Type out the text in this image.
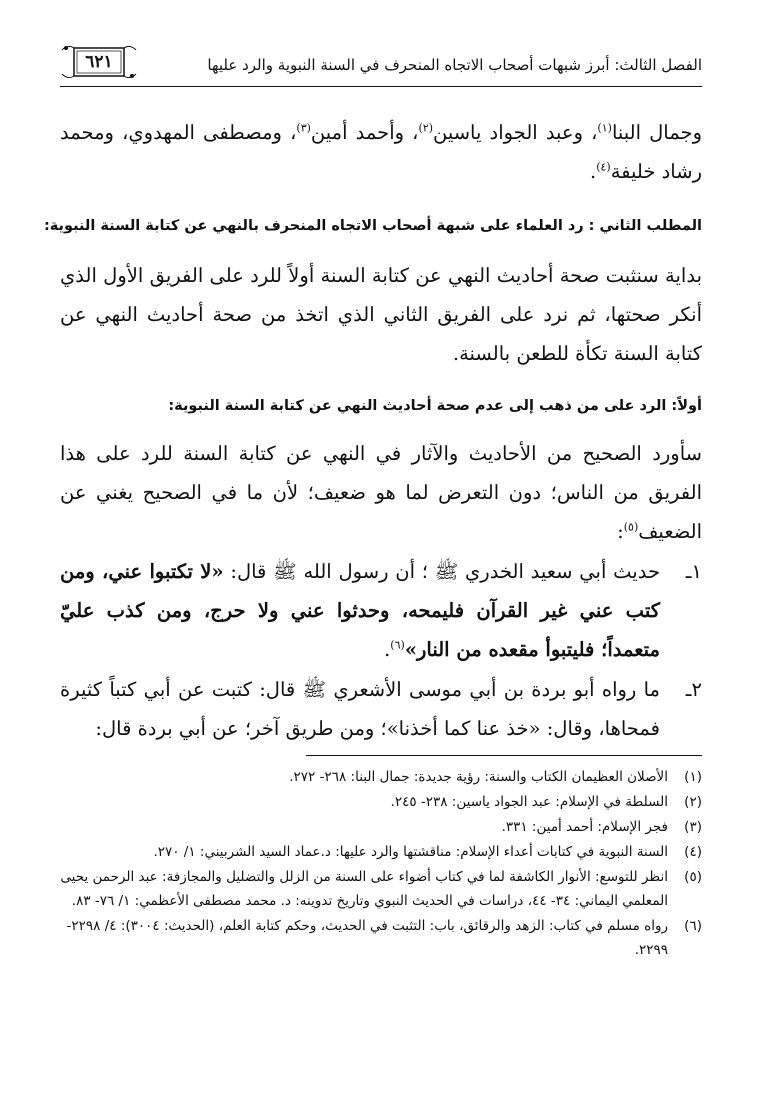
٦٢١	الفصل الثالث: أبرز شبهات أصحاب الاتجاه المنحرف في السنة النبوية والرد عليها
وجمال البنا$^{(١)}$، وعبد الجواد ياسين$^{(٢)}$، وأحمد أمين$^{(٣)}$، ومصطفى المهدوي، ومحمد رشاد خليفة$^{(٤)}$.
المطلب الثاني : رد العلماء على شبهة أصحاب الاتجاه المنحرف بالنهي عن كتابة السنة النبوية:
بداية سنثبت صحة أحاديث النهي عن كتابة السنة أولاً للرد على الفريق الأول الذي أنكر صحتها، ثم نرد على الفريق الثاني الذي اتخذ من صحة أحاديث النهي عن كتابة السنة تكأة للطعن بالسنة.
أولاً: الرد على من ذهب إلى عدم صحة أحاديث النهي عن كتابة السنة النبوية:
سأورد الصحيح من الأحاديث والآثار في النهي عن كتابة السنة للرد على هذا الفريق من الناس؛ دون التعرض لما هو ضعيف؛ لأن ما في الصحيح يغني عن الضعيف$^{(٥)}$:
١ـ
حديث أبي سعيد الخدري ﷺ ؛ أن رسول الله ﷺ قال: «لا تكتبوا عني، ومن كتب عني غير القرآن فليمحه، وحدثوا عني ولا حرج، ومن كذب عليّ متعمداً؛ فليتبوأ مقعده من النار»$^{(٦)}$.
٢ـ
ما رواه أبو بردة بن أبي موسى الأشعري ﷺ قال: كتبت عن أبي كتباً كثيرة فمحاها، وقال: «خذ عنا كما أخذنا»؛ ومن طريق آخر؛ عن أبي بردة قال:
(١)
الأصلان العظيمان الكتاب والسنة: رؤية جديدة: جمال البنا: ٢٦٨- ٢٧٢.
(٢)
السلطة في الإسلام: عبد الجواد ياسين: ٢٣٨- ٢٤٥.
(٣)
فجر الإسلام: أحمد أمين: ٣٣١.
(٤)
السنة النبوية في كتابات أعداء الإسلام: مناقشتها والرد عليها: د.عماد السيد الشربيني: ١/ ٢٧٠.
(٥)
انظر للتوسع: الأنوار الكاشفة لما في كتاب أضواء على السنة من الزلل والتضليل والمجازفة: عبد الرحمن يحيى المعلمي اليماني: ٣٤- ٤٤، دراسات في الحديث النبوي وتاريخ تدوينه: د. محمد مصطفى الأعظمي: ١/ ٧٦- ٨٣.
(٦)
رواه مسلم في كتاب: الزهد والرقائق، باب: التثبت في الحديث، وحكم كتابة العلم، (الحديث: ٣٠٠٤): ٤/ ٢٢٩٨- ٢٢٩٩.
